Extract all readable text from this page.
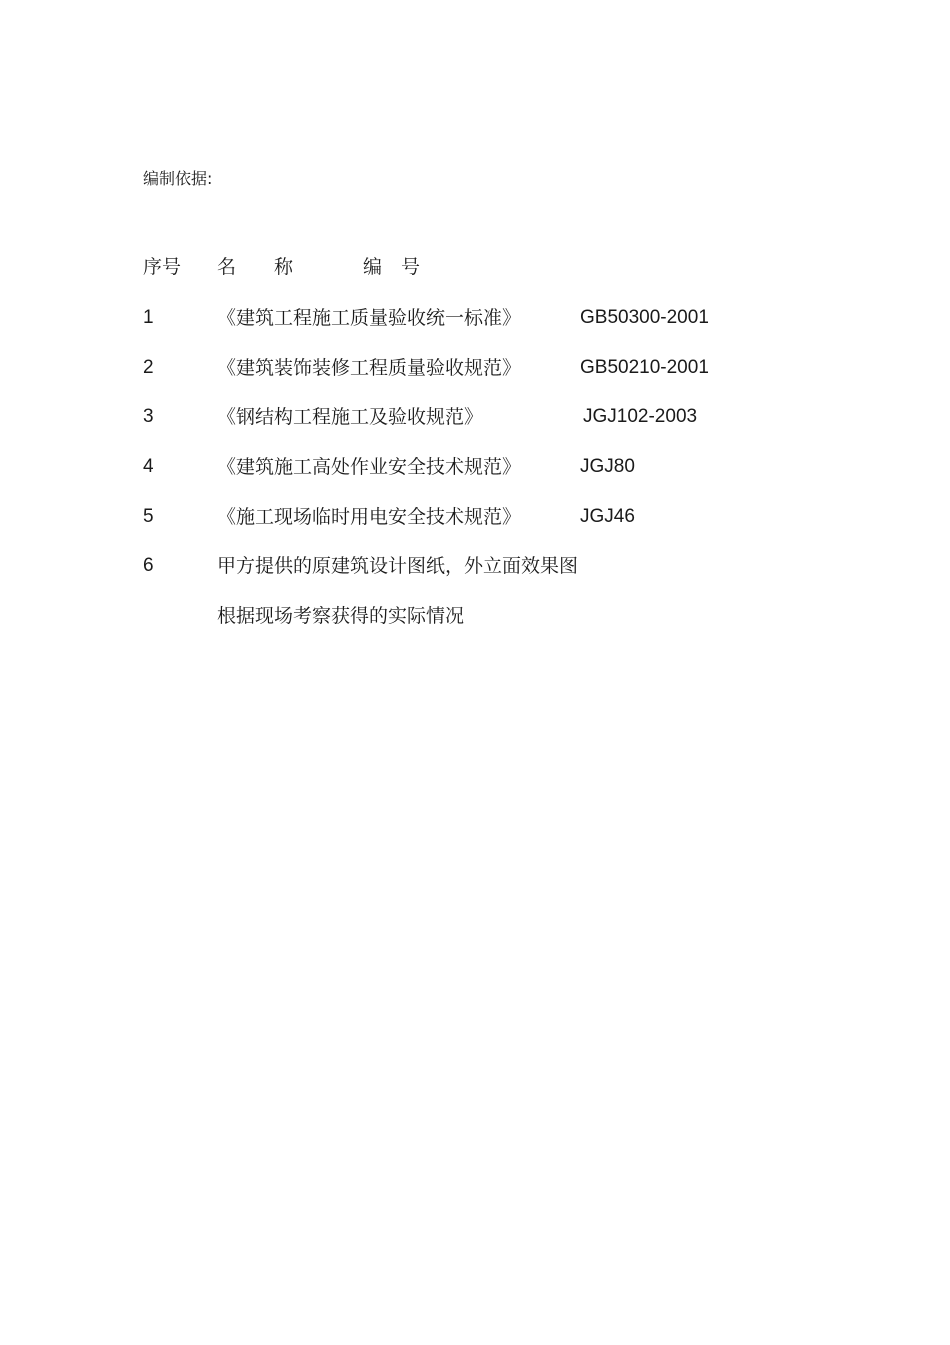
编制依据:
序号 名　　称	编　号
1	《建筑工程施工质量验收统一标准》	GB50300-2001
2	《建筑装饰装修工程质量验收规范》	GB50210-2001
3	《钢结构工程施工及验收规范》	JGJ102-2003
4	《建筑施工高处作业安全技术规范》	JGJ80
5	《施工现场临时用电安全技术规范》	JGJ46
6	甲方提供的原建筑设计图纸，外立面效果图
根据现场考察获得的实际情况
